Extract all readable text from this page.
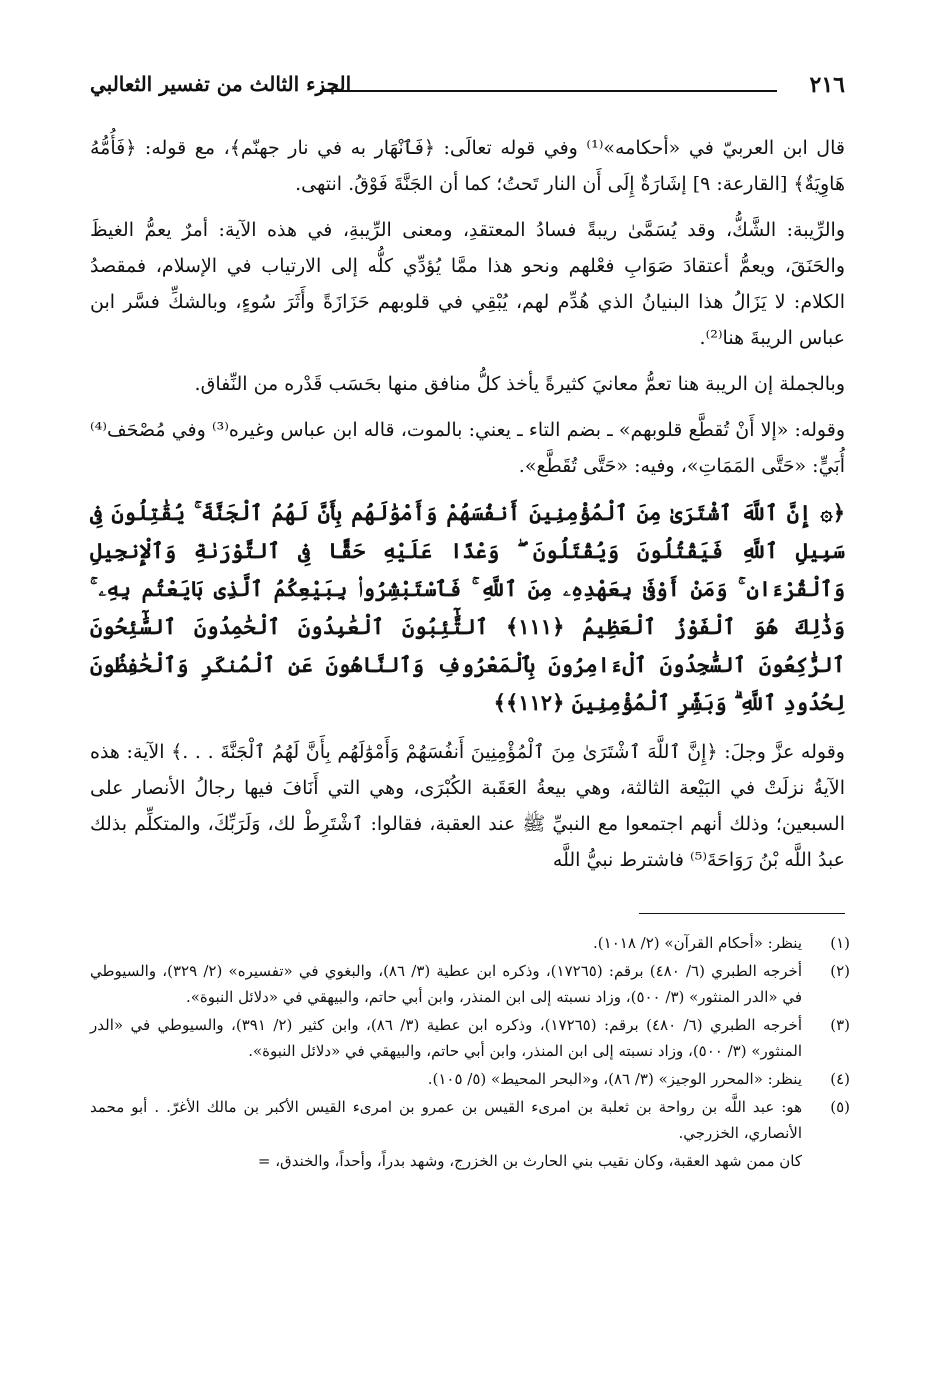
٢١٦
الجزء الثالث من تفسير الثعالبي

قال ابن العربيّ في «أحكامه»⁽¹⁾ وفي قوله تعالَى: ﴿فَٱنْهَار به في نار جهنّم﴾، مع قوله: ﴿فَأُمُّهُ هَاوِيَةٌ﴾ [القارعة: ٩] إشَارَةٌ إِلَى أَن النار تَحتُ؛ كما أن الجَنَّةَ فَوْقُ. انتهى.

والرِّيبة: الشَّكُّ، وقد يُسَمَّىٰ ريبةً فسادُ المعتقدِ، ومعنى الرِّيبةِ، في هذه الآية: أمرٌ يعمُّ الغيظَ والحَنَقَ، ويعمُّ أعتقادَ صَوَابِ فعْلهم ونحو هذا ممَّا يُؤدِّي كلُّه إلى الارتياب في الإسلام، فمقصدُ الكلام: لا يَزَالُ هذا البنيانُ الذي هُدِّم لهم، يُبْقِي في قلوبهم حَزَازَةً وأَثَرَ سُوءٍ، وبالشكِّ فسَّر ابن عباس الريبةَ هنا⁽²⁾.

وبالجملة إن الريبة هنا تعمُّ معانيَ كثيرةً يأخذ كلُّ منافق منها بحَسَب قَدْره من النِّفاق.

وقوله: «إلا أَنْ تُقطَّع قلوبهم» ـ بضم التاء ـ يعني: بالموت، قاله ابن عباس وغيره⁽³⁾ وفي مُصْحَف⁽⁴⁾ أُبَيٍّ: «حَتَّى المَمَاتِ»، وفيه: «حَتَّى تُقَطَّع».

﴿۞ إِنَّ ٱللَّهَ ٱشْتَرَىٰ مِنَ ٱلْمُؤْمِنِينَ أَنفُسَهُمْ وَأَمْوَٰلَهُم بِأَنَّ لَهُمُ ٱلْجَنَّةَ ۚ يُقَٰتِلُونَ فِى سَبِيلِ ٱللَّهِ فَيَقْتُلُونَ وَيُقْتَلُونَ ۖ وَعْدًا عَلَيْهِ حَقًّا فِى ٱلتَّوْرَىٰةِ وَٱلْإِنجِيلِ وَٱلْقُرْءَانِ ۚ وَمَنْ أَوْفَىٰ بِعَهْدِهِۦ مِنَ ٱللَّهِ ۚ فَٱسْتَبْشِرُوا۟ بِبَيْعِكُمُ ٱلَّذِى بَايَعْتُم بِهِۦ ۚ وَذَٰلِكَ هُوَ ٱلْفَوْزُ ٱلْعَظِيمُ ﴿١١١﴾ ٱلتَّٰٓئِبُونَ ٱلْعَٰبِدُونَ ٱلْحَٰمِدُونَ ٱلسَّٰٓئِحُونَ ٱلرَّٰكِعُونَ ٱلسَّٰجِدُونَ ٱلْءَامِرُونَ بِٱلْمَعْرُوفِ وَٱلنَّاهُونَ عَنِ ٱلْمُنكَرِ وَٱلْحَٰفِظُونَ لِحُدُودِ ٱللَّهِ ۗ وَبَشِّرِ ٱلْمُؤْمِنِينَ ﴿١١٢﴾﴾

وقوله عزَّ وجلَ: ﴿إِنَّ ٱللَّهَ ٱشْتَرَىٰ مِنَ ٱلْمُؤْمِنِينَ أَنفُسَهُمْ وَأَمْوَٰلَهُم بِأَنَّ لَهُمُ ٱلْجَنَّةَ . . .﴾ الآية: هذه الآيةُ نزلَتْ في البَيْعة الثالثة، وهي بيعةُ العَقَبة الكُبْرَى، وهي التي أَنَافَ فيها رجالُ الأنصار على السبعين؛ وذلك أنهم اجتمعوا مع النبيِّ ﷺ عند العقبة، فقالوا: ٱشْتَرِطْ لك، وَلَرَبِّكَ، والمتكلِّم بذلك عبدُ اللَّه بْنُ رَوَاحَةَ⁽⁵⁾ فاشترط نبيُّ اللَّه

(١)
ينظر: «أحكام القرآن» (٢/ ١٠١٨).
(٢)
أخرجه الطبري (٦/ ٤٨٠) برقم: (١٧٢٦٥)، وذكره ابن عطية (٣/ ٨٦)، والبغوي في «تفسيره» (٢/ ٣٢٩)، والسيوطي في «الدر المنثور» (٣/ ٥٠٠)، وزاد نسبته إلى ابن المنذر، وابن أبي حاتم، والبيهقي في «دلائل النبوة».
(٣)
أخرجه الطبري (٦/ ٤٨٠) برقم: (١٧٢٦٥)، وذكره ابن عطية (٣/ ٨٦)، وابن كثير (٢/ ٣٩١)، والسيوطي في «الدر المنثور» (٣/ ٥٠٠)، وزاد نسبته إلى ابن المنذر، وابن أبي حاتم، والبيهقي في «دلائل النبوة».
(٤)
ينظر: «المحرر الوجيز» (٣/ ٨٦)، و«البحر المحيط» (٥/ ١٠٥).
(٥)
هو: عبد اللَّه بن رواحة بن ثعلبة بن امرىء القيس بن عمرو بن امرىء القيس الأكبر بن مالك الأغرّ. . أبو محمد الأنصاري، الخزرجي.
كان ممن شهد العقبة، وكان نقيب بني الحارث بن الخزرج، وشهد بدراً، وأحداً، والخندق، =
